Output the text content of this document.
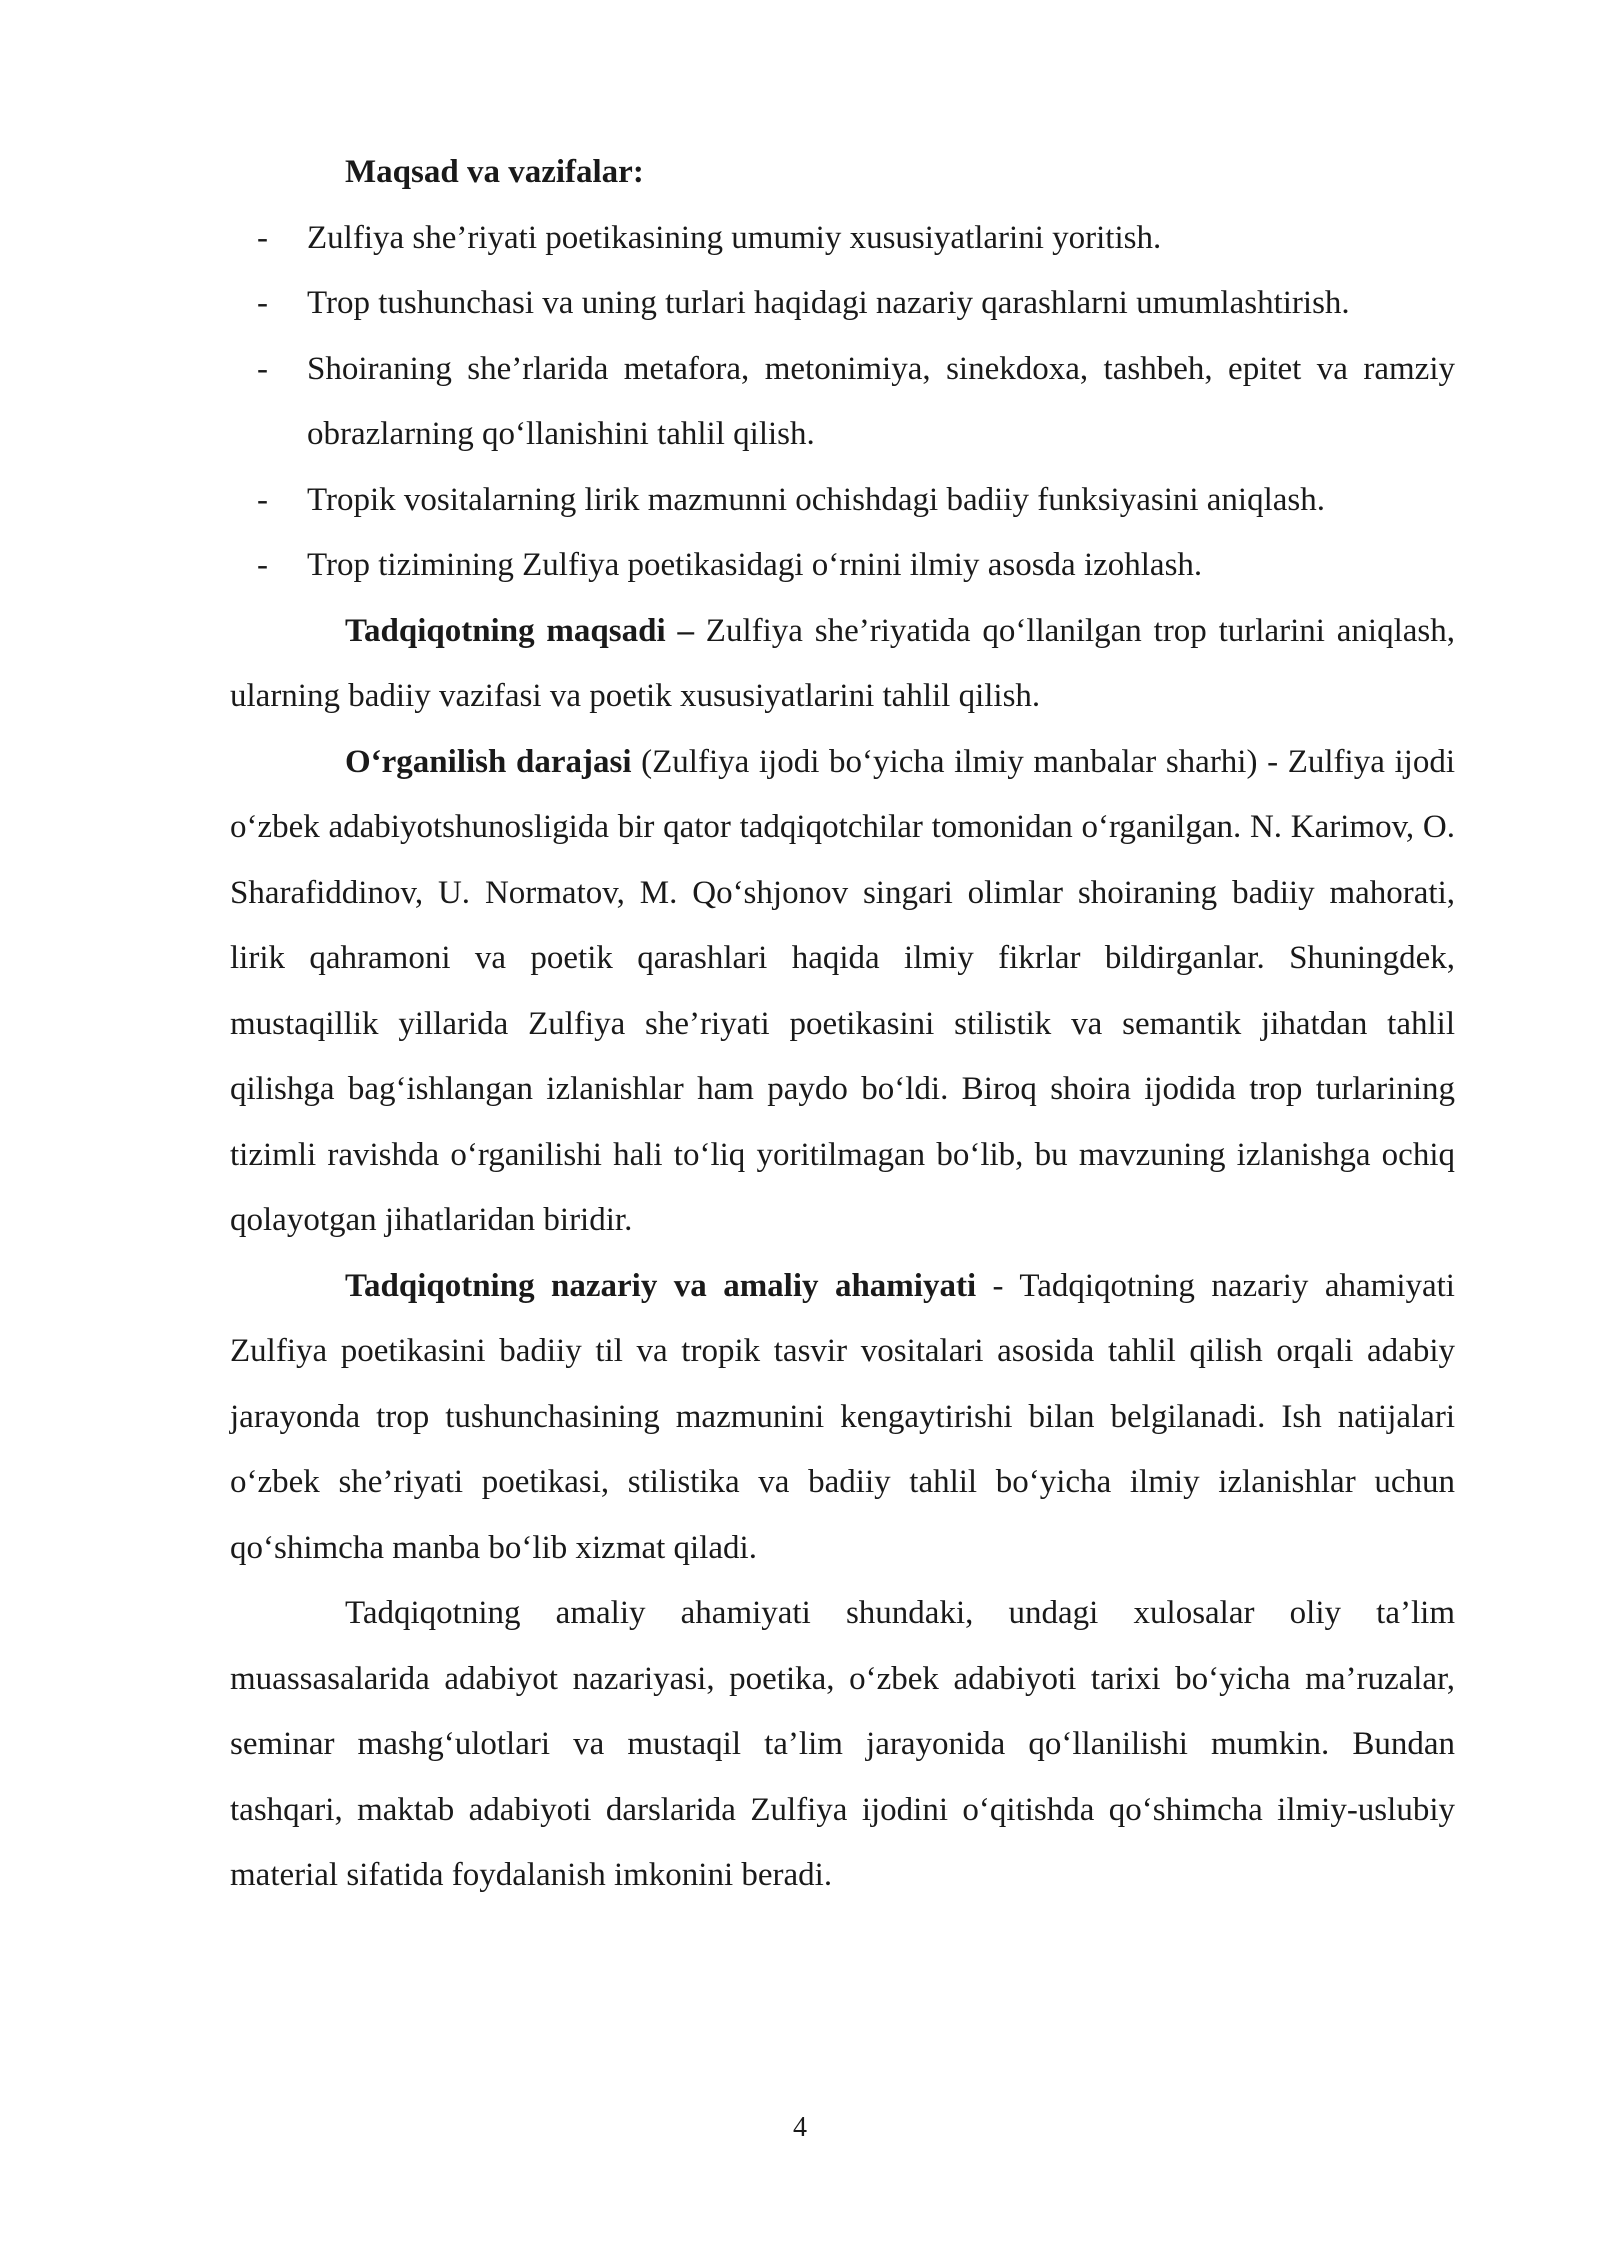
Maqsad va vazifalar:

- Zulfiya she’riyati poetikasining umumiy xususiyatlarini yoritish.
- Trop tushunchasi va uning turlari haqidagi nazariy qarashlarni umumlashtirish.
- Shoiraning she’rlarida metafora, metonimiya, sinekdoxa, tashbeh, epitet va ramziy obrazlarning qo‘llanishini tahlil qilish.
- Tropik vositalarning lirik mazmunni ochishdagi badiiy funksiyasini aniqlash.
- Trop tizimining Zulfiya poetikasidagi o‘rnini ilmiy asosda izohlash.

Tadqiqotning maqsadi – Zulfiya she’riyatida qo‘llanilgan trop turlarini aniqlash, ularning badiiy vazifasi va poetik xususiyatlarini tahlil qilish.

O‘rganilish darajasi (Zulfiya ijodi bo‘yicha ilmiy manbalar sharhi) - Zulfiya ijodi o‘zbek adabiyotshunosligida bir qator tadqiqotchilar tomonidan o‘rganilgan. N. Karimov, O. Sharafiddinov, U. Normatov, M. Qo‘shjonov singari olimlar shoiraning badiiy mahorati, lirik qahramoni va poetik qarashlari haqida ilmiy fikrlar bildirganlar. Shuningdek, mustaqillik yillarida Zulfiya she’riyati poetikasini stilistik va semantik jihatdan tahlil qilishga bag‘ishlangan izlanishlar ham paydo bo‘ldi. Biroq shoira ijodida trop turlarining tizimli ravishda o‘rganilishi hali to‘liq yoritilmagan bo‘lib, bu mavzuning izlanishga ochiq qolayotgan jihatlaridan biridir.

Tadqiqotning nazariy va amaliy ahamiyati - Tadqiqotning nazariy ahamiyati Zulfiya poetikasini badiiy til va tropik tasvir vositalari asosida tahlil qilish orqali adabiy jarayonda trop tushunchasining mazmunini kengaytirishi bilan belgilanadi. Ish natijalari o‘zbek she’riyati poetikasi, stilistika va badiiy tahlil bo‘yicha ilmiy izlanishlar uchun qo‘shimcha manba bo‘lib xizmat qiladi.

Tadqiqotning amaliy ahamiyati shundaki, undagi xulosalar oliy ta’lim muassasalarida adabiyot nazariyasi, poetika, o‘zbek adabiyoti tarixi bo‘yicha ma’ruzalar, seminar mashg‘ulotlari va mustaqil ta’lim jarayonida qo‘llanilishi mumkin. Bundan tashqari, maktab adabiyoti darslarida Zulfiya ijodini o‘qitishda qo‘shimcha ilmiy-uslubiy material sifatida foydalanish imkonini beradi.

4
